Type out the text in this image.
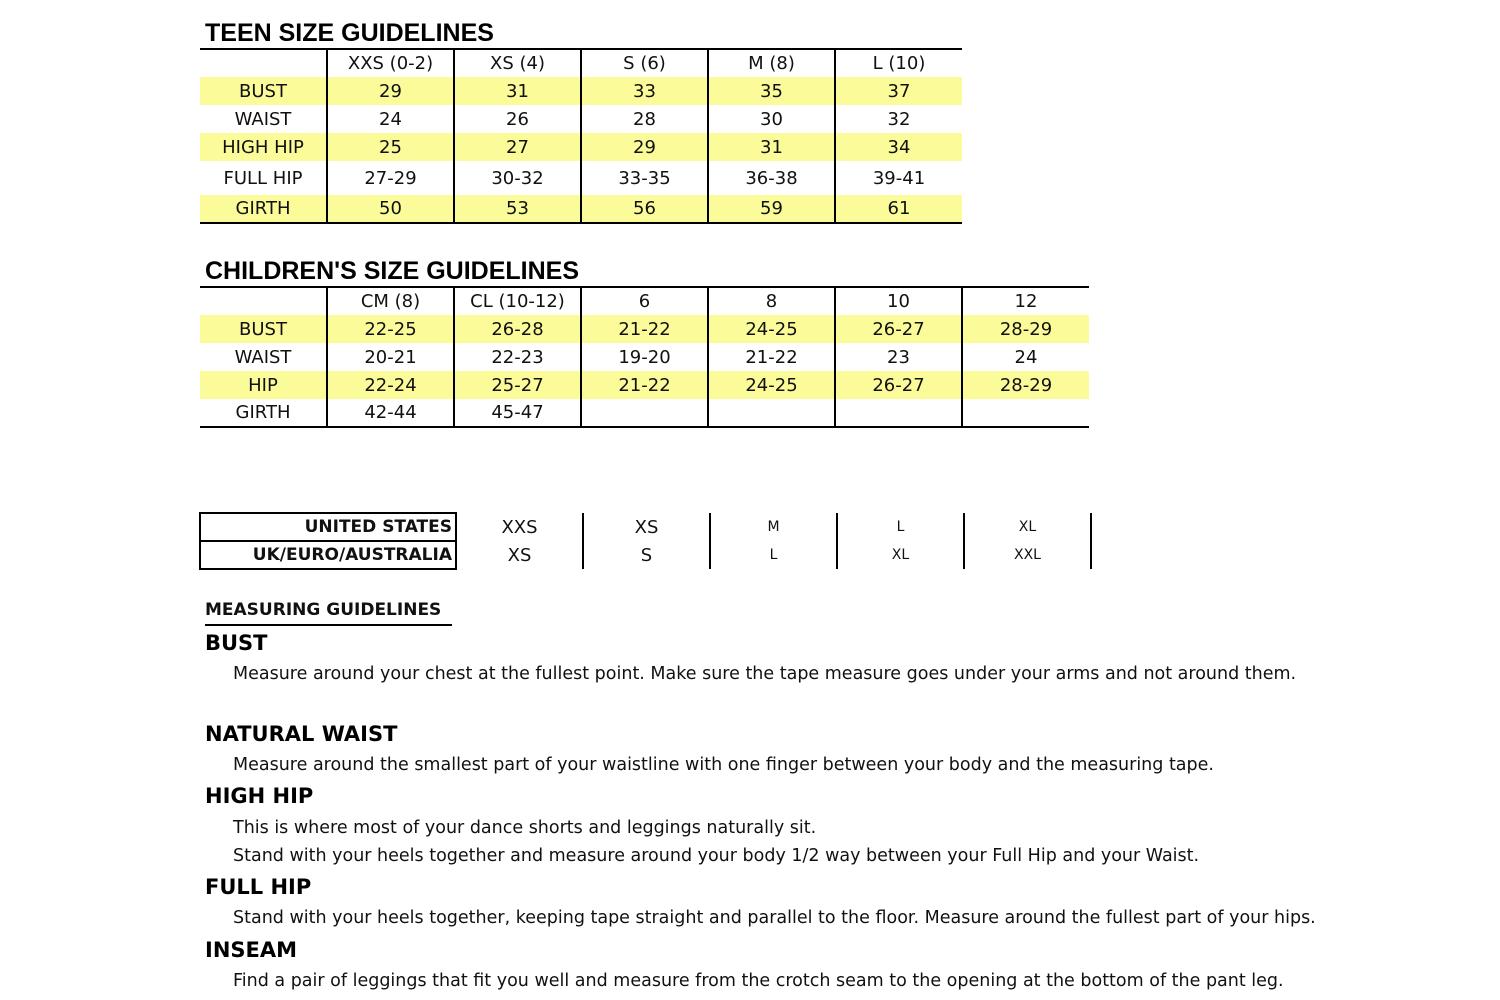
TEEN SIZE GUIDELINES
	XXS (0-2)	XS (4)	S (6)	M (8)	L (10)
BUST	29	31	33	35	37
WAIST	24	26	28	30	32
HIGH HIP	25	27	29	31	34
FULL HIP	27-29	30-32	33-35	36-38	39-41
GIRTH	50	53	56	59	61
CHILDREN'S SIZE GUIDELINES
	CM (8)	CL (10-12)	6	8	10	12
BUST	22-25	26-28	21-22	24-25	26-27	28-29
WAIST	20-21	22-23	19-20	21-22	23	24
HIP	22-24	25-27	21-22	24-25	26-27	28-29
GIRTH	42-44	45-47				
UNITED STATES	XXS	XS	M	L	XL
UK/EURO/AUSTRALIA	XS	S	L	XL	XXL
MEASURING GUIDELINES
BUST
Measure around your chest at the fullest point. Make sure the tape measure goes under your arms and not around them.
NATURAL WAIST
Measure around the smallest part of your waistline with one finger between your body and the measuring tape.
HIGH HIP
This is where most of your dance shorts and leggings naturally sit.
Stand with your heels together and measure around your body 1/2 way between your Full Hip and your Waist.
FULL HIP
Stand with your heels together, keeping tape straight and parallel to the floor. Measure around the fullest part of your hips.
INSEAM
Find a pair of leggings that fit you well and measure from the crotch seam to the opening at the bottom of the pant leg.
